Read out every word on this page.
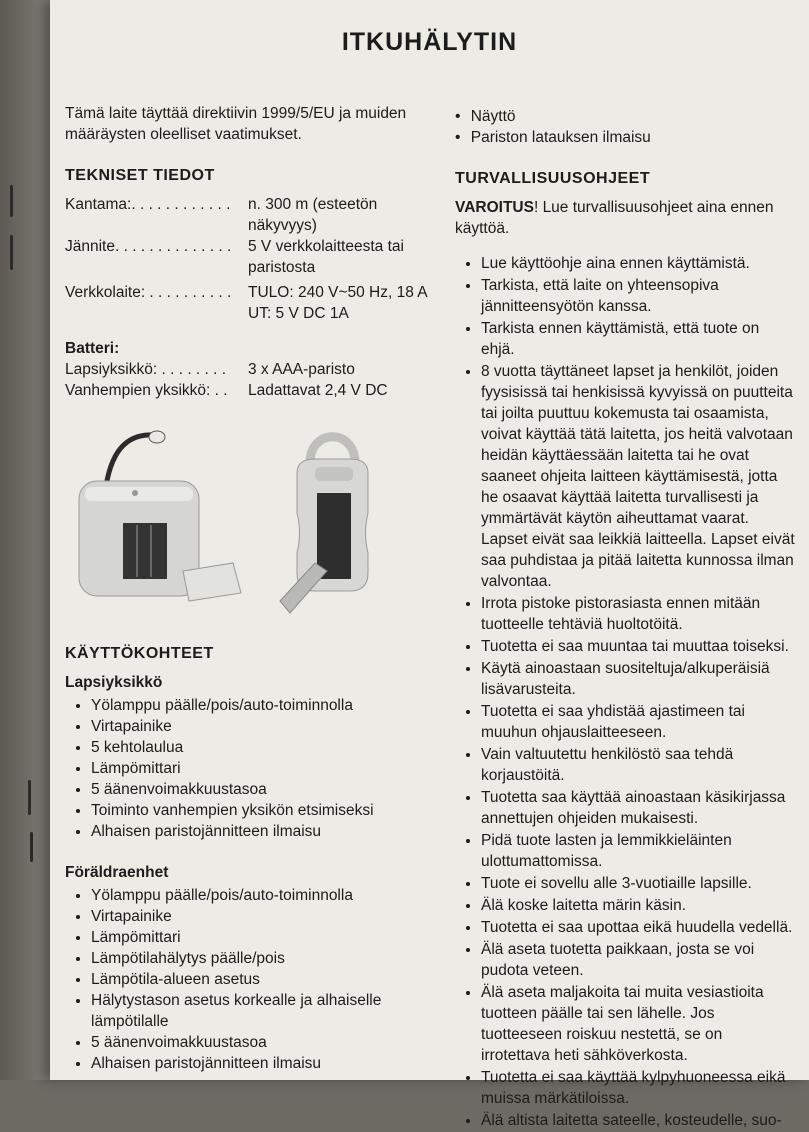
ITKUHÄLYTIN

Tämä laite täyttää direktiivin 1999/5/EU ja muiden määräysten oleelliset vaatimukset.

TEKNISET TIEDOT
Kantama:. . . . . . . . . . . .	n. 300 m (esteetön näkyvyys)
Jännite. . . . . . . . . . . . . .	5 V verkkolaitteesta tai paristosta
Verkkolaite: . . . . . . . . . .	TULO: 240 V~50 Hz, 18 A
UT: 5 V DC 1A
Batteri:
Lapsiyksikkö: . . . . . . . .	3 x AAA-paristo
Vanhempien yksikkö: . .	Ladattavat 2,4 V DC
KÄYTTÖKOHTEET
Lapsiyksikkö
• Yölamppu päälle/pois/auto-toiminnolla
• Virtapainike
• 5 kehtolaulua
• Lämpömittari
• 5 äänenvoimakkuustasoa
• Toiminto vanhempien yksikön etsimiseksi
• Alhaisen paristojännitteen ilmaisu
Föräldraenhet
• Yölamppu päälle/pois/auto-toiminnolla
• Virtapainike
• Lämpömittari
• Lämpötilahälytys päälle/pois
• Lämpötila-alueen asetus
• Hälytystason asetus korkealle ja alhaiselle lämpötilalle
• 5 äänenvoimakkuustasoa
• Alhaisen paristojännitteen ilmaisu
• Näyttö
• Pariston latauksen ilmaisu
TURVALLISUUSOHJEET

VAROITUS! Lue turvallisuusohjeet aina ennen käyttöä.

• Lue käyttöohje aina ennen käyttämistä.
• Tarkista, että laite on yhteensopiva jännitteensyötön kanssa.
• Tarkista ennen käyttämistä, että tuote on ehjä.
• 8 vuotta täyttäneet lapset ja henkilöt, joiden fyysisissä tai henkisissä kyvyissä on puutteita tai joilta puuttuu kokemusta tai osaamista, voivat käyttää tätä laitetta, jos heitä valvotaan heidän käyttäessään laitetta tai he ovat saaneet ohjeita laitteen käyttämisestä, jotta he osaavat käyttää laitetta turvallisesti ja ymmärtävät käytön aiheuttamat vaarat. Lapset eivät saa leikkiä laitteella. Lapset eivät saa puhdistaa ja pitää laitetta kunnossa ilman valvontaa.
• Irrota pistoke pistorasiasta ennen mitään tuotteelle tehtäviä huoltotöitä.
• Tuotetta ei saa muuntaa tai muuttaa toiseksi.
• Käytä ainoastaan suositeltuja/alkuperäisiä lisävarusteita.
• Tuotetta ei saa yhdistää ajastimeen tai muuhun ohjauslaitteeseen.
• Vain valtuutettu henkilöstö saa tehdä korjaustöitä.
• Tuotetta saa käyttää ainoastaan käsikirjassa annettujen ohjeiden mukaisesti.
• Pidä tuote lasten ja lemmikkieläinten ulottumattomissa.
• Tuote ei sovellu alle 3-vuotiaille lapsille.
• Älä koske laitetta märin käsin.
• Tuotetta ei saa upottaa eikä huudella vedellä.
• Älä aseta tuotetta paikkaan, josta se voi pudota veteen.
• Älä aseta maljakoita tai muita vesiastioita tuotteen päälle tai sen lähelle. Jos tuotteeseen roiskuu nestettä, se on irrotettava heti sähköverkosta.
• Tuotetta ei saa käyttää kylpyhuoneessa eikä muissa märkätiloissa.
• Älä altista laitetta sateelle, kosteudelle, suo-
